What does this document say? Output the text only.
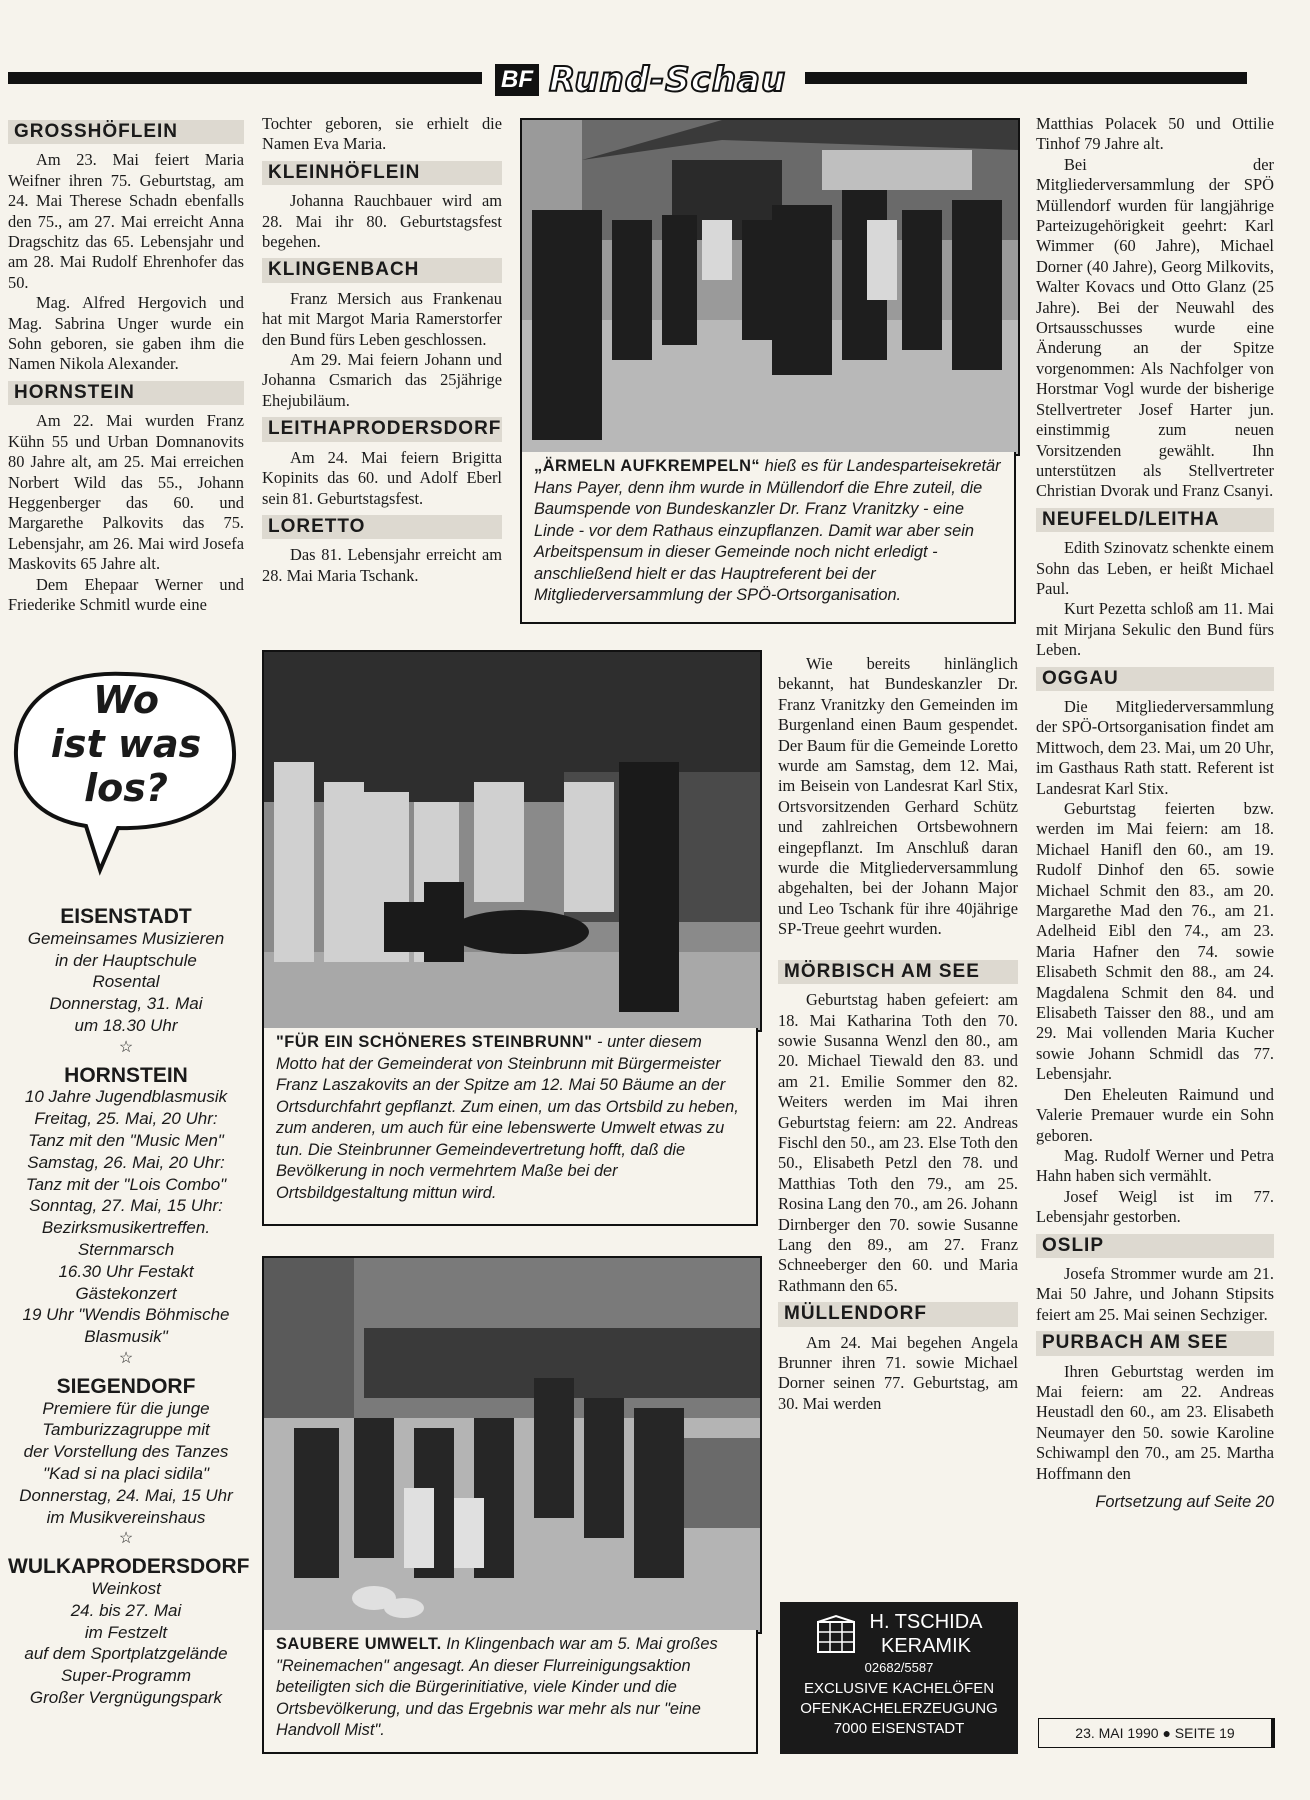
BF Rund-Schau
GROSSHÖFLEIN

Am 23. Mai feiert Maria Weifner ihren 75. Geburtstag, am 24. Mai Therese Schadn ebenfalls den 75., am 27. Mai erreicht Anna Dragschitz das 65. Lebensjahr und am 28. Mai Rudolf Ehrenhofer das 50.

Mag. Alfred Hergovich und Mag. Sabrina Unger wurde ein Sohn geboren, sie gaben ihm die Namen Nikola Alexander.

HORNSTEIN

Am 22. Mai wurden Franz Kühn 55 und Urban Domnanovits 80 Jahre alt, am 25. Mai erreichen Norbert Wild das 55., Johann Heggenberger das 60. und Margarethe Palkovits das 75. Lebensjahr, am 26. Mai wird Josefa Maskovits 65 Jahre alt.

Dem Ehepaar Werner und Friederike Schmitl wurde eine

Tochter geboren, sie erhielt die Namen Eva Maria.

KLEINHÖFLEIN

Johanna Rauchbauer wird am 28. Mai ihr 80. Geburtstagsfest begehen.

KLINGENBACH

Franz Mersich aus Frankenau hat mit Margot Maria Ramerstorfer den Bund fürs Leben geschlossen.

Am 29. Mai feiern Johann und Johanna Csmarich das 25jährige Ehejubiläum.

LEITHAPRODERSDORF

Am 24. Mai feiern Brigitta Kopinits das 60. und Adolf Eberl sein 81. Geburtstagsfest.

LORETTO

Das 81. Lebensjahr erreicht am 28. Mai Maria Tschank.

„ÄRMELN AUFKREMPELN“ hieß es für Landesparteisekretär Hans Payer, denn ihm wurde in Müllendorf die Ehre zuteil, die Baumspende von Bundeskanzler Dr. Franz Vranitzky - eine Linde - vor dem Rathaus einzupflanzen. Damit war aber sein Arbeitspensum in dieser Gemeinde noch nicht erledigt - anschließend hielt er das Hauptreferent bei der Mitgliederversammlung der SPÖ-Ortsorganisation.

Matthias Polacek 50 und Ottilie Tinhof 79 Jahre alt.

Bei der Mitgliederversammlung der SPÖ Müllendorf wurden für langjährige Parteizugehörigkeit geehrt: Karl Wimmer (60 Jahre), Michael Dorner (40 Jahre), Georg Milkovits, Walter Kovacs und Otto Glanz (25 Jahre). Bei der Neuwahl des Ortsausschusses wurde eine Änderung an der Spitze vorgenommen: Als Nachfolger von Horstmar Vogl wurde der bisherige Stellvertreter Josef Harter jun. einstimmig zum neuen Vorsitzenden gewählt. Ihn unterstützen als Stellvertreter Christian Dvorak und Franz Csanyi.

NEUFELD/LEITHA

Edith Szinovatz schenkte einem Sohn das Leben, er heißt Michael Paul.

Kurt Pezetta schloß am 11. Mai mit Mirjana Sekulic den Bund fürs Leben.

OGGAU

Die Mitgliederversammlung der SPÖ-Ortsorganisation findet am Mittwoch, dem 23. Mai, um 20 Uhr, im Gasthaus Rath statt. Referent ist Landesrat Karl Stix.

Geburtstag feierten bzw. werden im Mai feiern: am 18. Michael Hanifl den 60., am 19. Rudolf Dinhof den 65. sowie Michael Schmit den 83., am 20. Margarethe Mad den 76., am 21. Adelheid Eibl den 74., am 23. Maria Hafner den 74. sowie Elisabeth Schmit den 88., am 24. Magdalena Schmit den 84. und Elisabeth Taisser den 88., und am 29. Mai vollenden Maria Kucher sowie Johann Schmidl das 77. Lebensjahr.

Den Eheleuten Raimund und Valerie Premauer wurde ein Sohn geboren.

Mag. Rudolf Werner und Petra Hahn haben sich vermählt.

Josef Weigl ist im 77. Lebensjahr gestorben.

OSLIP

Josefa Strommer wurde am 21. Mai 50 Jahre, und Johann Stipsits feiert am 25. Mai seinen Sechziger.

PURBACH AM SEE

Ihren Geburtstag werden im Mai feiern: am 22. Andreas Heustadl den 60., am 23. Elisabeth Neumayer den 50. sowie Karoline Schiwampl den 70., am 25. Martha Hoffmann den

Fortsetzung auf Seite 20
Wo
ist was
los?
EISENSTADT
Gemeinsames Musizieren
in der Hauptschule
Rosental
Donnerstag, 31. Mai
um 18.30 Uhr
☆
HORNSTEIN
10 Jahre Jugendblasmusik
Freitag, 25. Mai, 20 Uhr:
Tanz mit den "Music Men"
Samstag, 26. Mai, 20 Uhr:
Tanz mit der "Lois Combo"
Sonntag, 27. Mai, 15 Uhr:
Bezirksmusikertreffen.
Sternmarsch
16.30 Uhr Festakt
Gästekonzert
19 Uhr "Wendis Böhmische
Blasmusik"
☆
SIEGENDORF
Premiere für die junge
Tamburizzagruppe mit
der Vorstellung des Tanzes
"Kad si na placi sidila"
Donnerstag, 24. Mai, 15 Uhr
im Musikvereinshaus
☆
WULKAPRODERSDORF
Weinkost
24. bis 27. Mai
im Festzelt
auf dem Sportplatzgelände
Super-Programm
Großer Vergnügungspark
"FÜR EIN SCHÖNERES STEINBRUNN" - unter diesem Motto hat der Gemeinderat von Steinbrunn mit Bürgermeister Franz Laszakovits an der Spitze am 12. Mai 50 Bäume an der Ortsdurchfahrt gepflanzt. Zum einen, um das Ortsbild zu heben, zum anderen, um auch für eine lebenswerte Umwelt etwas zu tun. Die Steinbrunner Gemeindevertretung hofft, daß die Bevölkerung in noch vermehrtem Maße bei der Ortsbildgestaltung mittun wird.
SAUBERE UMWELT. In Klingenbach war am 5. Mai großes "Reinemachen" angesagt. An dieser Flurreinigungsaktion beteiligten sich die Bürgerinitiative, viele Kinder und die Ortsbevölkerung, und das Ergebnis war mehr als nur "eine Handvoll Mist".

Wie bereits hinlänglich bekannt, hat Bundeskanzler Dr. Franz Vranitzky den Gemeinden im Burgenland einen Baum gespendet. Der Baum für die Gemeinde Loretto wurde am Samstag, dem 12. Mai, im Beisein von Landesrat Karl Stix, Ortsvorsitzenden Gerhard Schütz und zahlreichen Ortsbewohnern eingepflanzt. Im Anschluß daran wurde die Mitgliederversammlung abgehalten, bei der Johann Major und Leo Tschank für ihre 40jährige SP-Treue geehrt wurden.

MÖRBISCH AM SEE

Geburtstag haben gefeiert: am 18. Mai Katharina Toth den 70. sowie Susanna Wenzl den 80., am 20. Michael Tiewald den 83. und am 21. Emilie Sommer den 82. Weiters werden im Mai ihren Geburtstag feiern: am 22. Andreas Fischl den 50., am 23. Else Toth den 50., Elisabeth Petzl den 78. und Matthias Toth den 79., am 25. Rosina Lang den 70., am 26. Johann Dirnberger den 70. sowie Susanne Lang den 89., am 27. Franz Schneeberger den 60. und Maria Rathmann den 65.

MÜLLENDORF

Am 24. Mai begehen Angela Brunner ihren 71. sowie Michael Dorner seinen 77. Geburtstag, am 30. Mai werden

H. TSCHIDA
KERAMIK
02682/5587
EXCLUSIVE KACHELÖFEN
OFENKACHELERZEUGUNG
7000 EISENSTADT	23. MAI 1990 ● SEITE 19
